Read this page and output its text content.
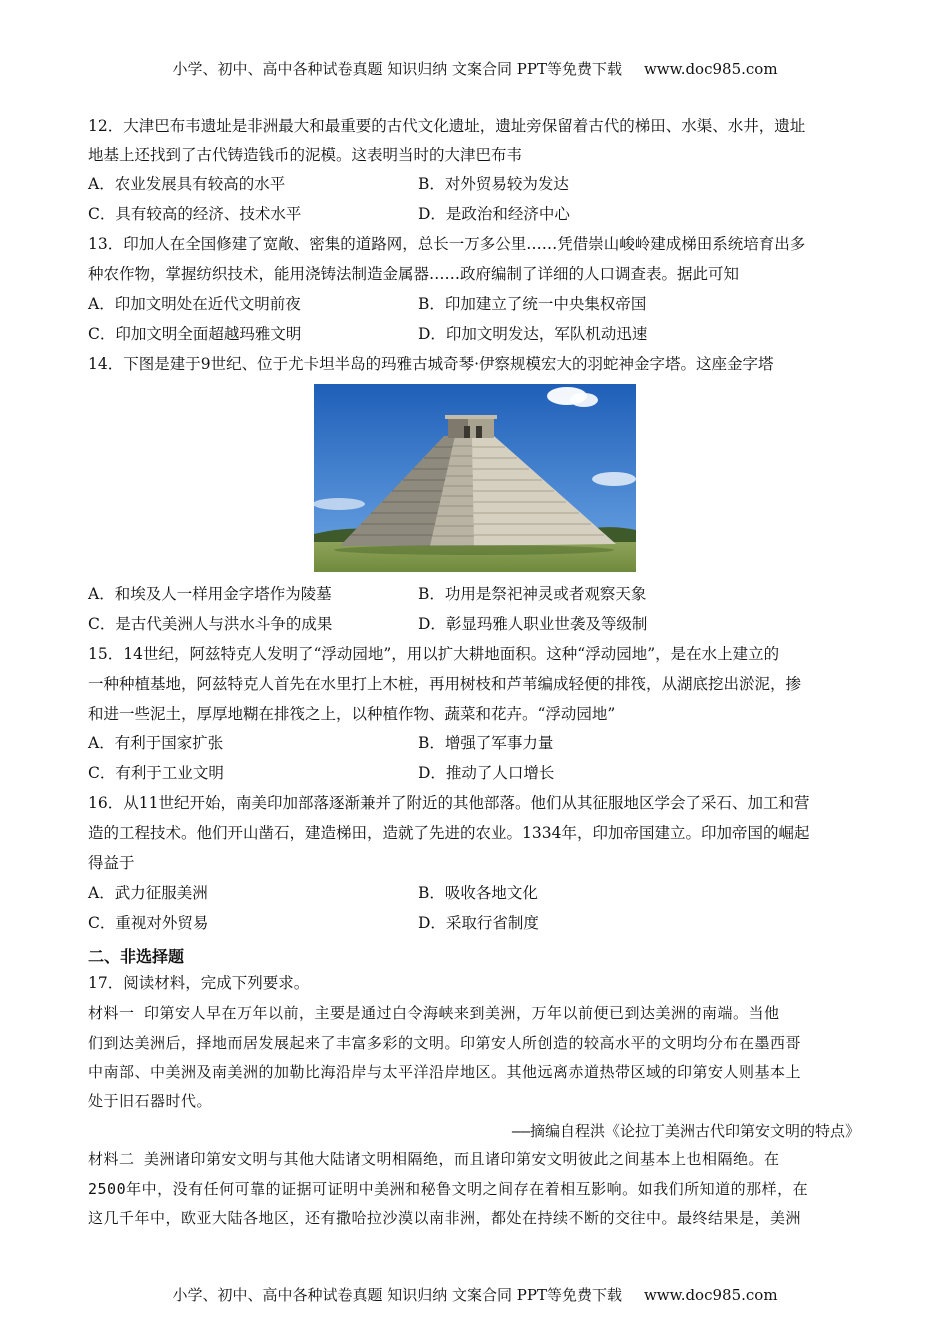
小学、初中、高中各种试卷真题 知识归纳 文案合同 PPT等免费下载 www.doc985.com
12．大津巴布韦遗址是非洲最大和最重要的古代文化遗址，遗址旁保留着古代的梯田、水渠、水井，遗址
地基上还找到了古代铸造钱币的泥模。这表明当时的大津巴布韦
A．农业发展具有较高的水平	B．对外贸易较为发达
C．具有较高的经济、技术水平	D．是政治和经济中心
13．印加人在全国修建了宽敞、密集的道路网，总长一万多公里……凭借崇山峻岭建成梯田系统培育出多
种农作物，掌握纺织技术，能用浇铸法制造金属器……政府编制了详细的人口调查表。据此可知
A．印加文明处在近代文明前夜	B．印加建立了统一中央集权帝国
C．印加文明全面超越玛雅文明	D．印加文明发达，军队机动迅速
14．下图是建于9世纪、位于尤卡坦半岛的玛雅古城奇琴·伊察规模宏大的羽蛇神金字塔。这座金字塔
A．和埃及人一样用金字塔作为陵墓	B．功用是祭祀神灵或者观察天象
C．是古代美洲人与洪水斗争的成果	D．彰显玛雅人职业世袭及等级制
15．14世纪，阿兹特克人发明了“浮动园地”，用以扩大耕地面积。这种“浮动园地”，是在水上建立的
一种种植基地，阿兹特克人首先在水里打上木桩，再用树枝和芦苇编成轻便的排筏，从湖底挖出淤泥，掺
和进一些泥土，厚厚地糊在排筏之上，以种植作物、蔬菜和花卉。“浮动园地”
A．有利于国家扩张	B．增强了军事力量
C．有利于工业文明	D．推动了人口增长
16．从11世纪开始，南美印加部落逐渐兼并了附近的其他部落。他们从其征服地区学会了采石、加工和营
造的工程技术。他们开山凿石，建造梯田，造就了先进的农业。1334年，印加帝国建立。印加帝国的崛起
得益于
A．武力征服美洲	B．吸收各地文化
C．重视对外贸易	D．采取行省制度
二、非选择题
17．阅读材料，完成下列要求。
材料一 印第安人早在万年以前，主要是通过白令海峡来到美洲，万年以前便已到达美洲的南端。当他
们到达美洲后，择地而居发展起来了丰富多彩的文明。印第安人所创造的较高水平的文明均分布在墨西哥
中南部、中美洲及南美洲的加勒比海沿岸与太平洋沿岸地区。其他远离赤道热带区域的印第安人则基本上
处于旧石器时代。
——摘编自程洪《论拉丁美洲古代印第安文明的特点》
材料二 美洲诸印第安文明与其他大陆诸文明相隔绝，而且诸印第安文明彼此之间基本上也相隔绝。在
2500年中，没有任何可靠的证据可证明中美洲和秘鲁文明之间存在着相互影响。如我们所知道的那样，在
这几千年中，欧亚大陆各地区，还有撒哈拉沙漠以南非洲，都处在持续不断的交往中。最终结果是，美洲
小学、初中、高中各种试卷真题 知识归纳 文案合同 PPT等免费下载 www.doc985.com
